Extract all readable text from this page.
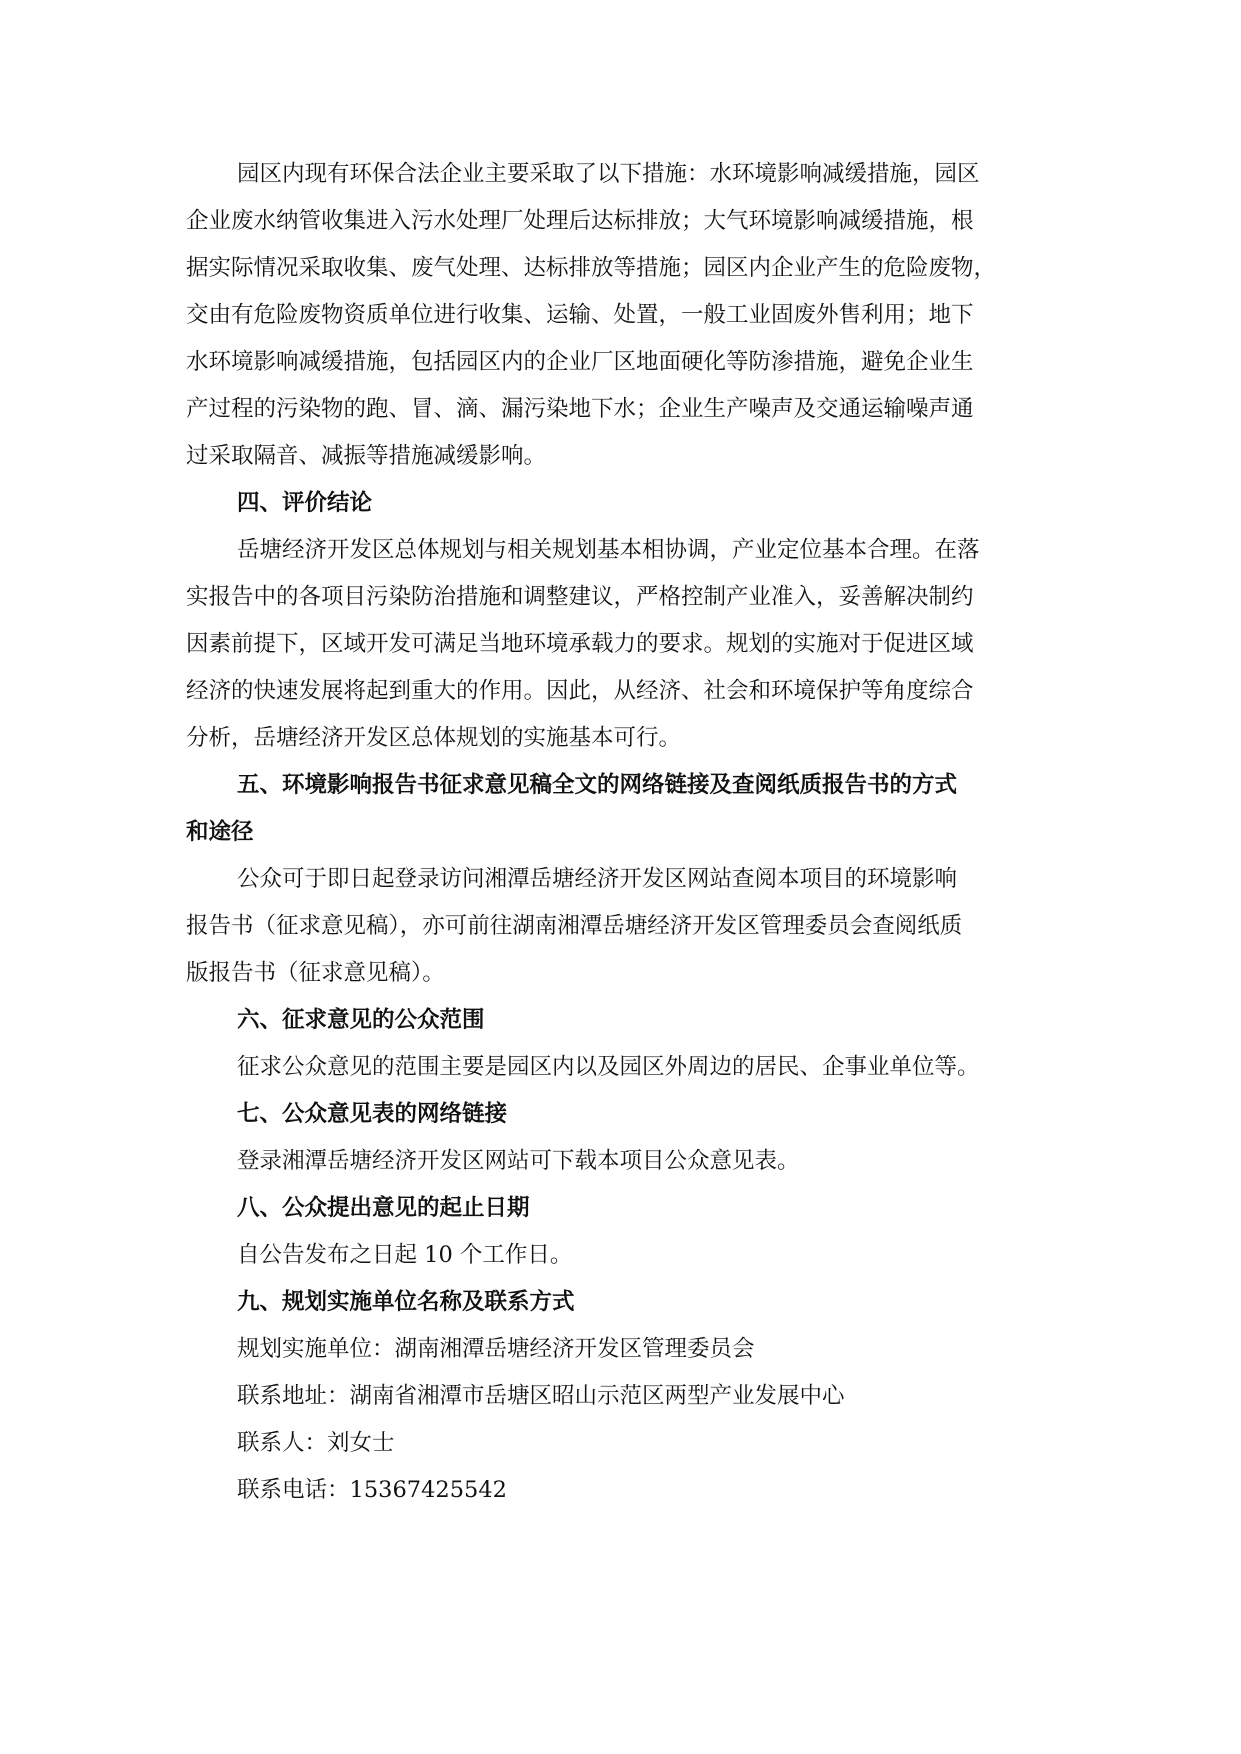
园区内现有环保合法企业主要采取了以下措施：水环境影响减缓措施，园区
企业废水纳管收集进入污水处理厂处理后达标排放；大气环境影响减缓措施，根
据实际情况采取收集、废气处理、达标排放等措施；园区内企业产生的危险废物，
交由有危险废物资质单位进行收集、运输、处置，一般工业固废外售利用；地下
水环境影响减缓措施，包括园区内的企业厂区地面硬化等防渗措施，避免企业生
产过程的污染物的跑、冒、滴、漏污染地下水；企业生产噪声及交通运输噪声通
过采取隔音、减振等措施减缓影响。
四、评价结论
岳塘经济开发区总体规划与相关规划基本相协调，产业定位基本合理。在落
实报告中的各项目污染防治措施和调整建议，严格控制产业准入，妥善解决制约
因素前提下，区域开发可满足当地环境承载力的要求。规划的实施对于促进区域
经济的快速发展将起到重大的作用。因此，从经济、社会和环境保护等角度综合
分析，岳塘经济开发区总体规划的实施基本可行。
五、环境影响报告书征求意见稿全文的网络链接及查阅纸质报告书的方式
和途径
公众可于即日起登录访问湘潭岳塘经济开发区网站查阅本项目的环境影响
报告书（征求意见稿），亦可前往湖南湘潭岳塘经济开发区管理委员会查阅纸质
版报告书（征求意见稿）。
六、征求意见的公众范围
征求公众意见的范围主要是园区内以及园区外周边的居民、企事业单位等。
七、公众意见表的网络链接
登录湘潭岳塘经济开发区网站可下载本项目公众意见表。
八、公众提出意见的起止日期
自公告发布之日起 10 个工作日。
九、规划实施单位名称及联系方式
规划实施单位：湖南湘潭岳塘经济开发区管理委员会
联系地址：湖南省湘潭市岳塘区昭山示范区两型产业发展中心
联系人：刘女士
联系电话：15367425542
